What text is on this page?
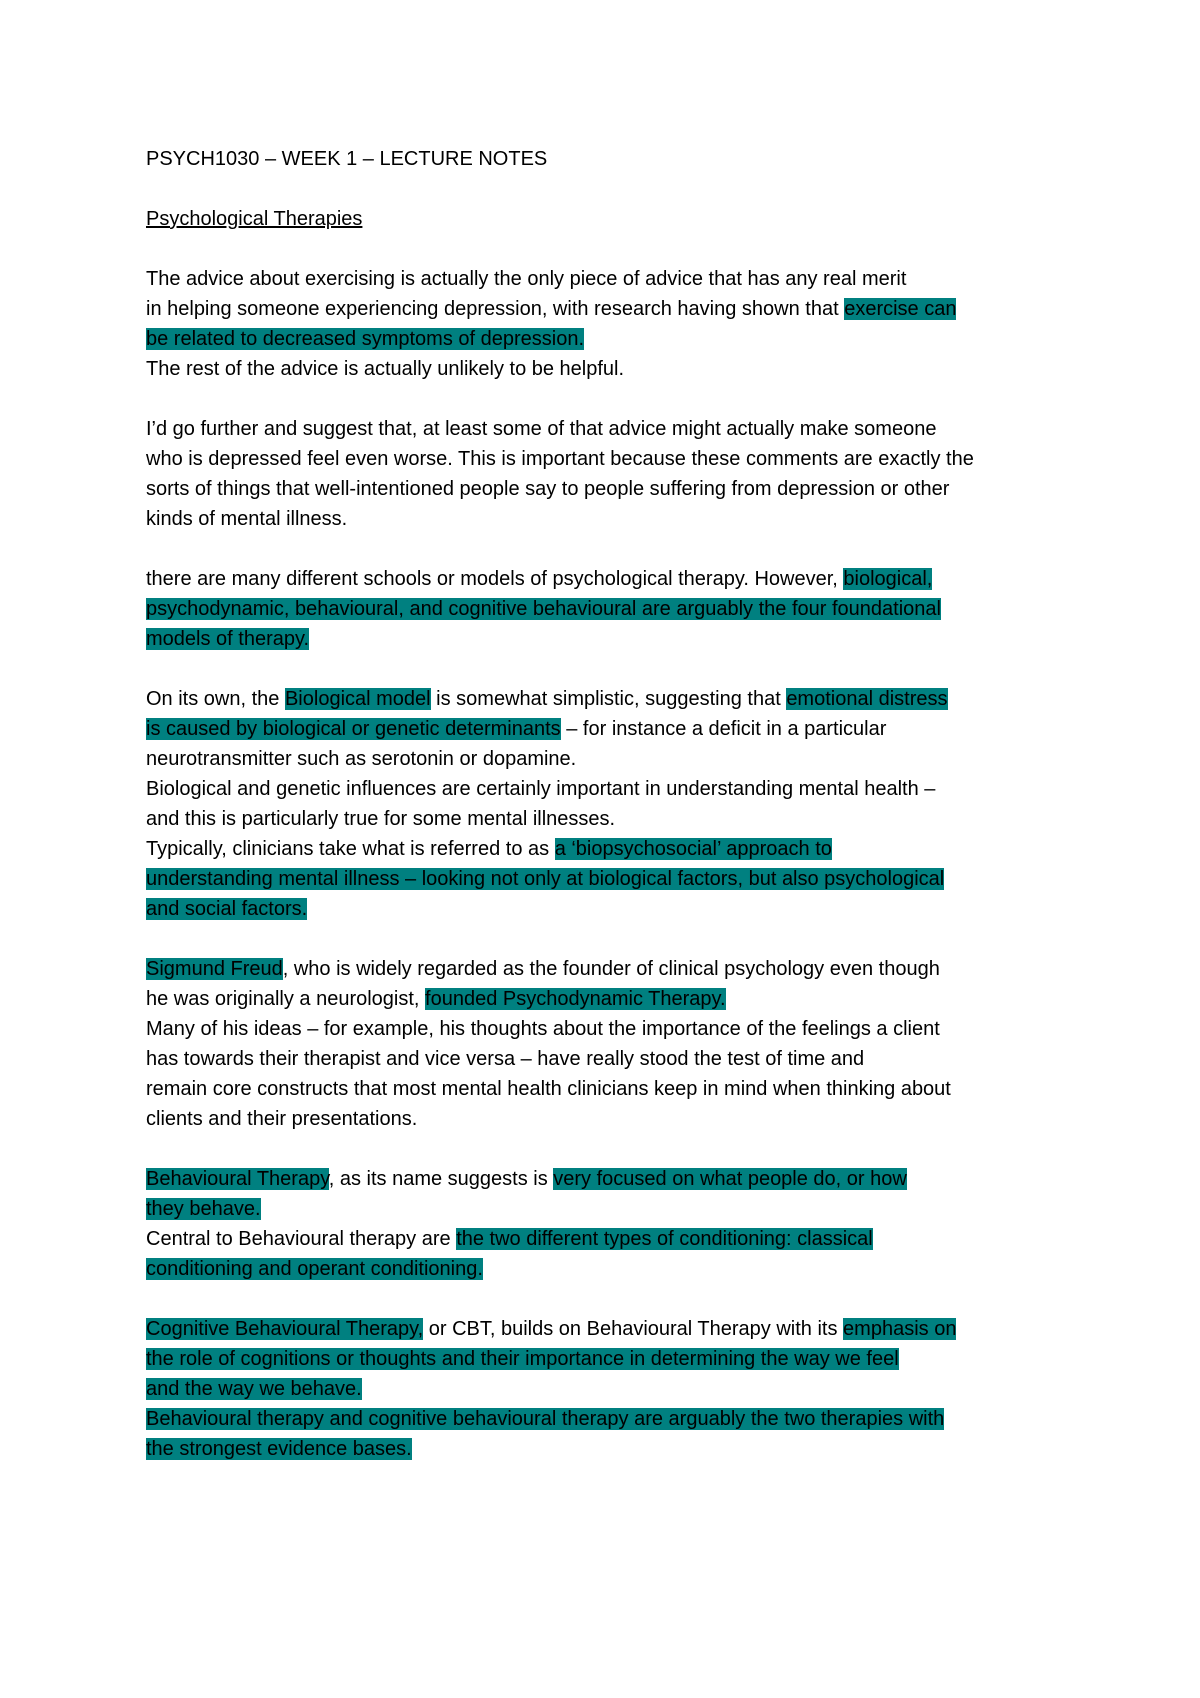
PSYCH1030 – WEEK 1 – LECTURE NOTES

Psychological Therapies

The advice about exercising is actually the only piece of advice that has any real merit
in helping someone experiencing depression, with research having shown that exercise can
be related to decreased symptoms of depression.
The rest of the advice is actually unlikely to be helpful.

I’d go further and suggest that, at least some of that advice might actually make someone
who is depressed feel even worse. This is important because these comments are exactly the
sorts of things that well-intentioned people say to people suffering from depression or other
kinds of mental illness.

there are many different schools or models of psychological therapy. However, biological,
psychodynamic, behavioural, and cognitive behavioural are arguably the four foundational
models of therapy.

On its own, the Biological model is somewhat simplistic, suggesting that emotional distress
is caused by biological or genetic determinants – for instance a deficit in a particular
neurotransmitter such as serotonin or dopamine.
Biological and genetic influences are certainly important in understanding mental health –
and this is particularly true for some mental illnesses.
Typically, clinicians take what is referred to as a ‘biopsychosocial’ approach to
understanding mental illness – looking not only at biological factors, but also psychological
and social factors.

Sigmund Freud, who is widely regarded as the founder of clinical psychology even though
he was originally a neurologist, founded Psychodynamic Therapy.
Many of his ideas – for example, his thoughts about the importance of the feelings a client
has towards their therapist and vice versa – have really stood the test of time and
remain core constructs that most mental health clinicians keep in mind when thinking about
clients and their presentations.

Behavioural Therapy, as its name suggests is very focused on what people do, or how
they behave.
Central to Behavioural therapy are the two different types of conditioning: classical
conditioning and operant conditioning.

Cognitive Behavioural Therapy, or CBT, builds on Behavioural Therapy with its emphasis on
the role of cognitions or thoughts and their importance in determining the way we feel
and the way we behave.
Behavioural therapy and cognitive behavioural therapy are arguably the two therapies with
the strongest evidence bases.
